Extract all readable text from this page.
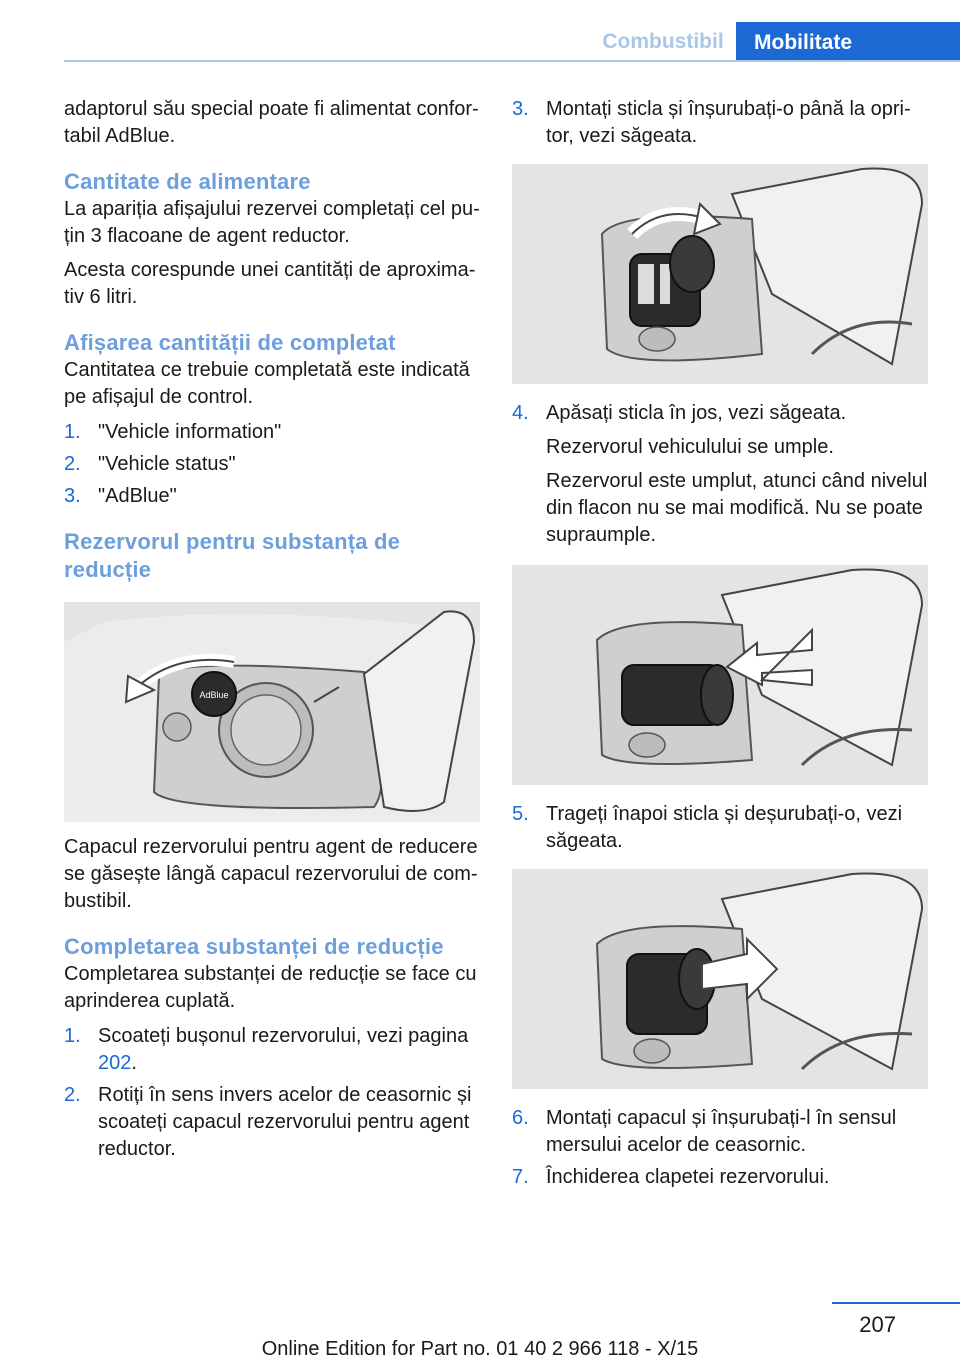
Combustibil	Mobilitate

adaptorul său special poate fi alimentat confortabil AdBlue.

Cantitate de alimentare

La apariția afișajului rezervei completați cel puțin 3 flacoane de agent reductor.

Acesta corespunde unei cantități de aproximativ 6 litri.

Afișarea cantității de completat

Cantitatea ce trebuie completată este indicată pe afișajul de control.

1. "Vehicle information"
2. "Vehicle status"
3. "AdBlue"
Rezervorul pentru substanța de reducție
AdBlue

Capacul rezervorului pentru agent de reducere se găsește lângă capacul rezervorului de combustibil.

Completarea substanței de reducție

Completarea substanței de reducție se face cu aprinderea cuplată.

1. Scoateți bușonul rezervorului, vezi pagina 202.
2. Rotiți în sens invers acelor de ceasornic și scoateți capacul rezervorului pentru agent reductor.
3. Montați sticla și înșurubați-o până la opritor, vezi săgeata.
4. Apăsați sticla în jos, vezi săgeata.
Rezervorul vehiculului se umple.
Rezervorul este umplut, atunci când nivelul din flacon nu se mai modifică. Nu se poate supraumple.
5. Trageți înapoi sticla și deșurubați-o, vezi săgeata.
6. Montați capacul și înșurubați-l în sensul mersului acelor de ceasornic.
7. Închiderea clapetei rezervorului.
207
Online Edition for Part no. 01 40 2 966 118 - X/15
